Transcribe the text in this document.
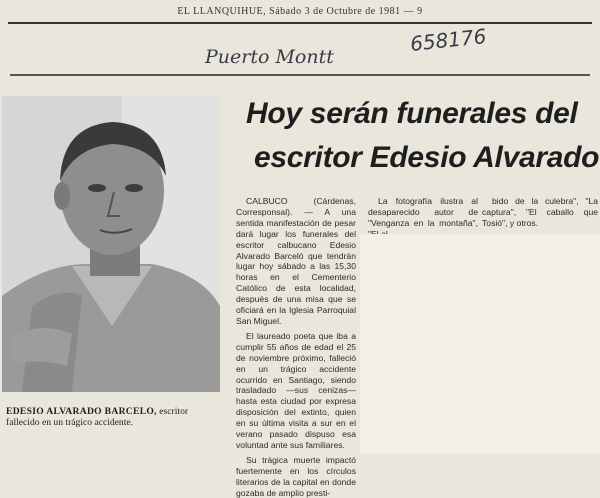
EL LLANQUIHUE, Sábado 3 de Octubre de 1981 — 9
658176
Puerto Montt
Hoy serán funerales del
escritor Edesio Alvarado
EDESIO ALVARADO BARCELO, escritor fallecido en un trágico accidente.

CALBUCO (Cárdenas, Corresponsal). — A una sentida manifestación de pesar dará lugar los funerales del escritor calbucano Edesio Alvarado Barceló que tendrán lugar hoy sábado a las 15,30 horas en el Cementerio Católico de esta localidad, después de una misa que se oficiará en la Iglesia Parroquial San Miguel.

El laureado poeta que iba a cumplir 55 años de edad el 25 de noviembre próximo, falleció en un trágico accidente ocurrido en Santiago, siendo trasladado —sus cenizas— hasta esta ciudad por expresa disposición del extinto, quien en su última visita a sur en el verano pasado dispuso esa voluntad ante sus familiares.

Su trágica muerte impactó fuertemente en los círculos literarios de la capital en donde gozaba de amplio presti-

La fotografía ilustra al desaparecido autor de "Venganza en la montaña",

bido de la culebra", "La captura", "El caballo que Tosió", y otros.
